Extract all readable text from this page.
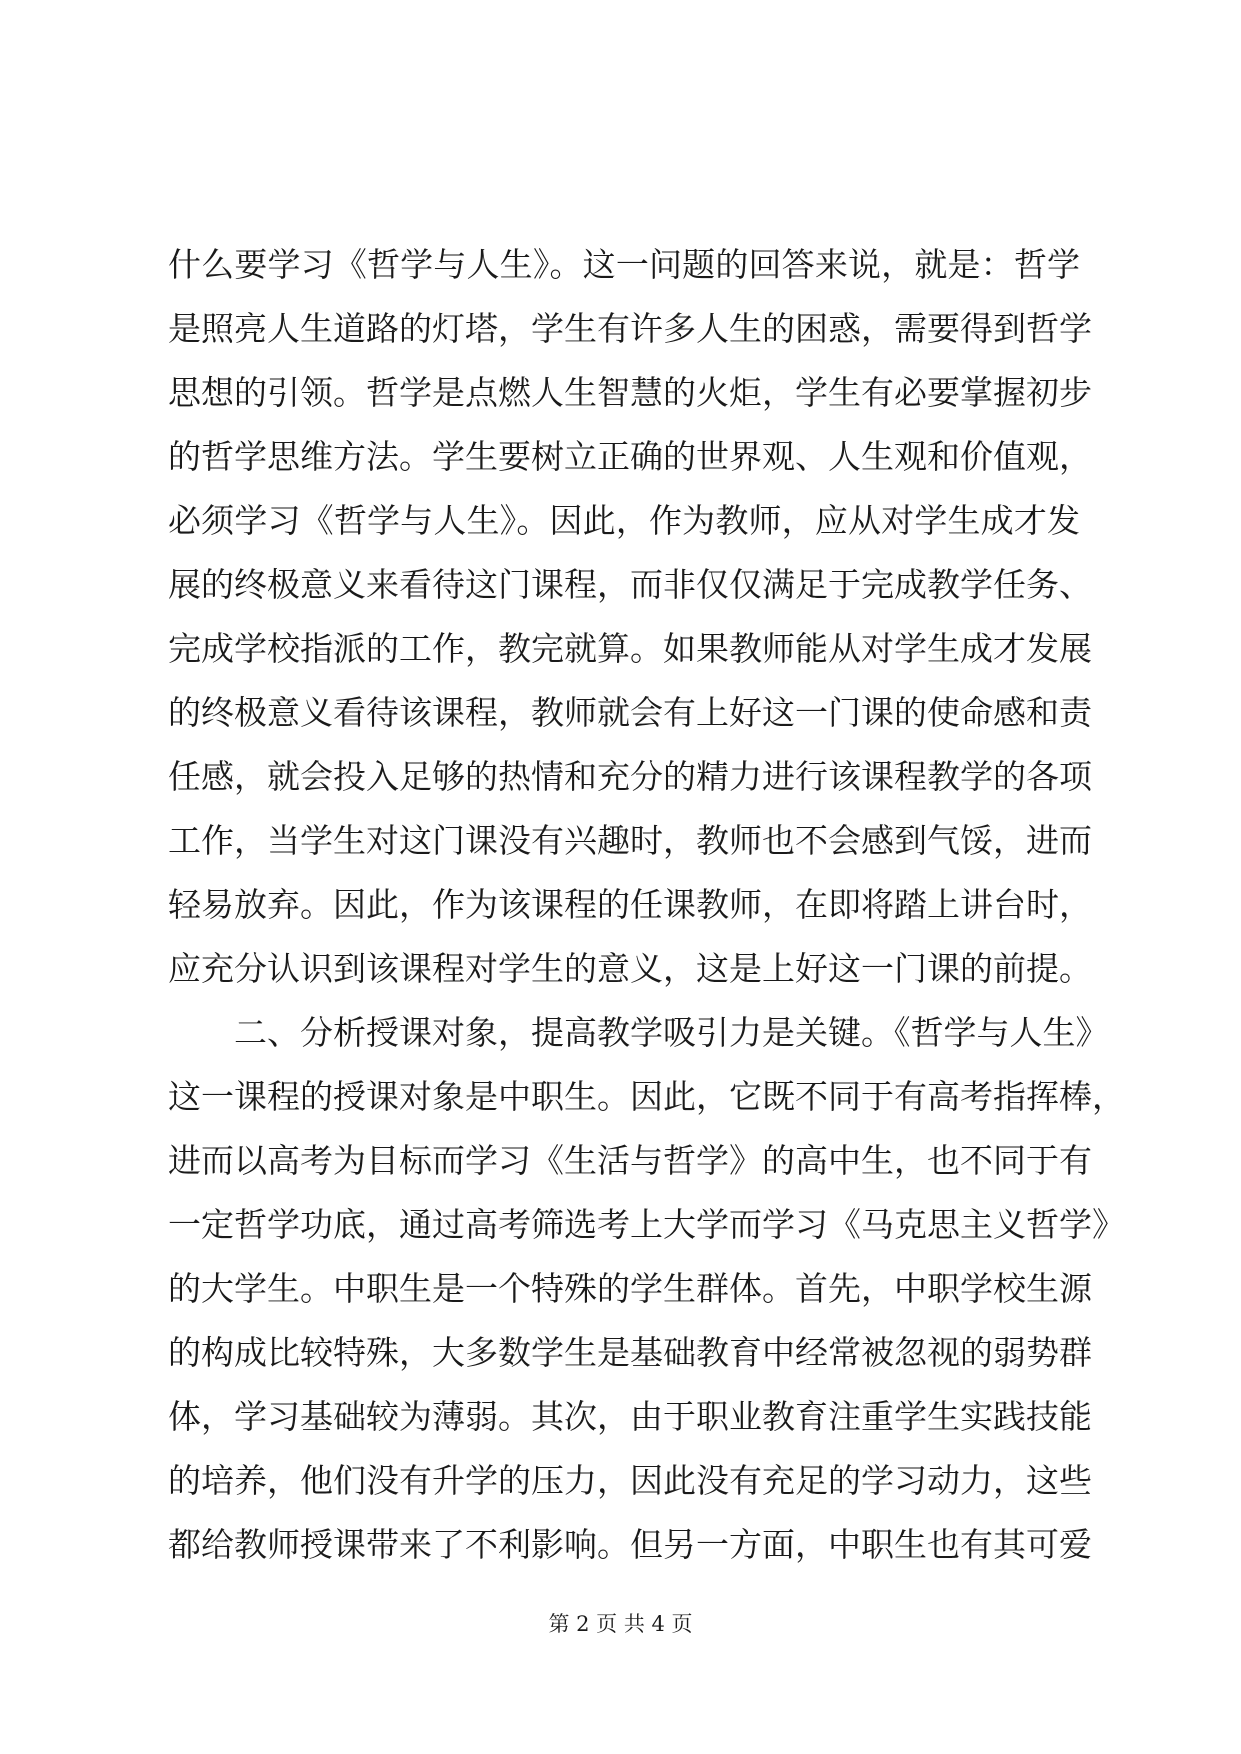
什么要学习《哲学与人生》。这一问题的回答来说，就是：哲学
是照亮人生道路的灯塔，学生有许多人生的困惑，需要得到哲学
思想的引领。哲学是点燃人生智慧的火炬，学生有必要掌握初步
的哲学思维方法。学生要树立正确的世界观、人生观和价值观，
必须学习《哲学与人生》。因此，作为教师，应从对学生成才发
展的终极意义来看待这门课程，而非仅仅满足于完成教学任务、
完成学校指派的工作，教完就算。如果教师能从对学生成才发展
的终极意义看待该课程，教师就会有上好这一门课的使命感和责
任感，就会投入足够的热情和充分的精力进行该课程教学的各项
工作，当学生对这门课没有兴趣时，教师也不会感到气馁，进而
轻易放弃。因此，作为该课程的任课教师，在即将踏上讲台时，
应充分认识到该课程对学生的意义，这是上好这一门课的前提。
二、分析授课对象，提高教学吸引力是关键。《哲学与人生》
这一课程的授课对象是中职生。因此，它既不同于有高考指挥棒，
进而以高考为目标而学习《生活与哲学》的高中生，也不同于有
一定哲学功底，通过高考筛选考上大学而学习《马克思主义哲学》
的大学生。中职生是一个特殊的学生群体。首先，中职学校生源
的构成比较特殊，大多数学生是基础教育中经常被忽视的弱势群
体，学习基础较为薄弱。其次，由于职业教育注重学生实践技能
的培养，他们没有升学的压力，因此没有充足的学习动力，这些
都给教师授课带来了不利影响。但另一方面，中职生也有其可爱
第 2 页 共 4 页
